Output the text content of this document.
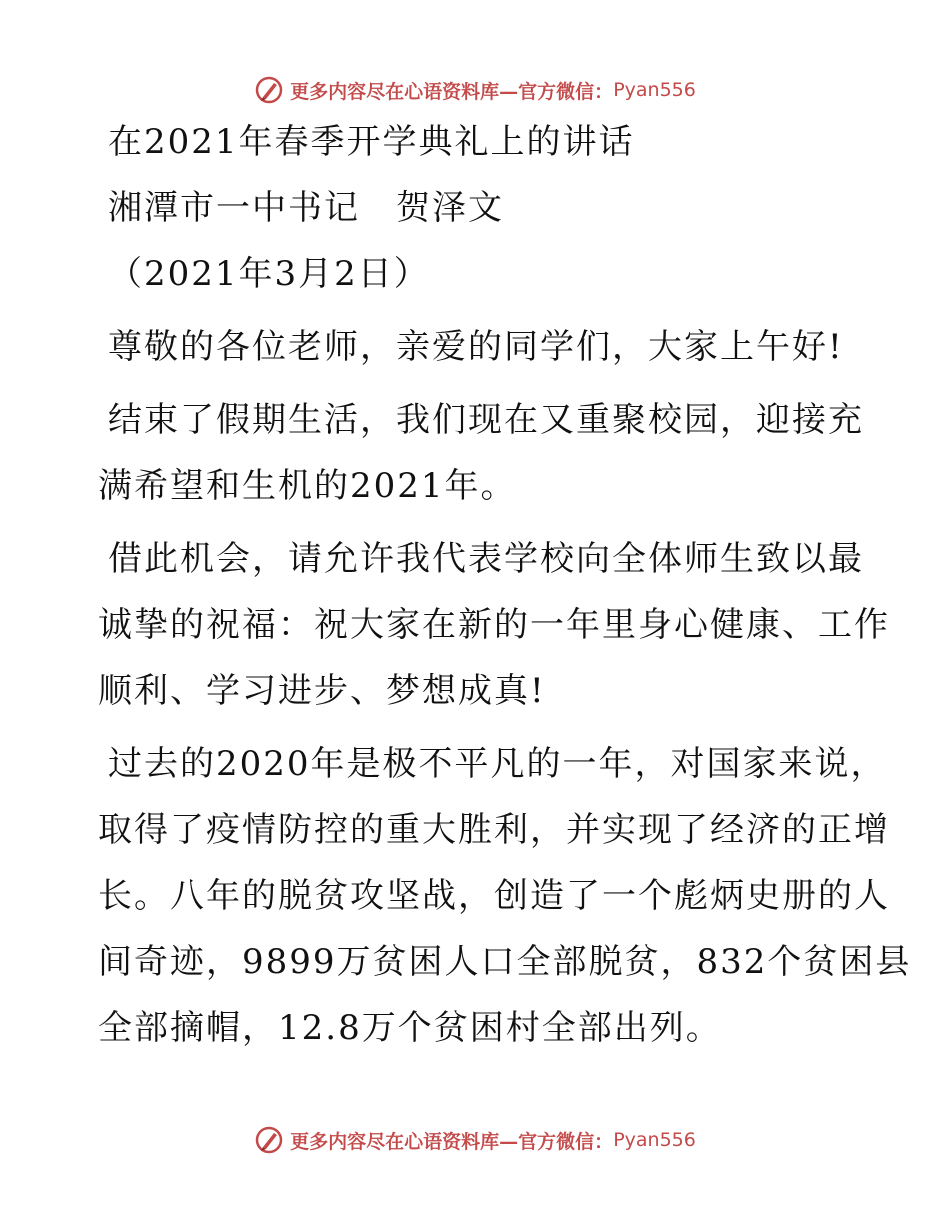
更多内容尽在心语资料库— 官方微信： Pyan556

在2021年春季开学典礼上的讲话

湘潭市一中书记　贺泽文

（2021年3月2日）

尊敬的各位老师，亲爱的同学们，大家上午好!

结束了假期生活，我们现在又重聚校园，迎接充

满希望和生机的2021年。

借此机会，请允许我代表学校向全体师生致以最

诚挚的祝福：祝大家在新的一年里身心健康、工作

顺利、学习进步、梦想成真!

过去的2020年是极不平凡的一年，对国家来说，

取得了疫情防控的重大胜利，并实现了经济的正增

长。八年的脱贫攻坚战，创造了一个彪炳史册的人

间奇迹，9899万贫困人口全部脱贫，832个贫困县

全部摘帽，12.8万个贫困村全部出列。

更多内容尽在心语资料库— 官方微信： Pyan556
